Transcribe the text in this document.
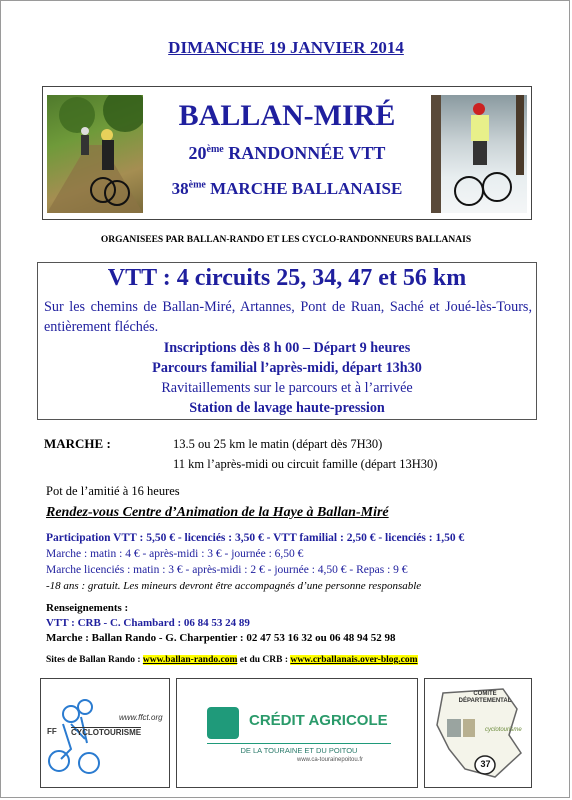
DIMANCHE 19 JANVIER 2014
BALLAN-MIRÉ
20ème RANDONNÉE VTT
38ème MARCHE BALLANAISE
ORGANISEES PAR BALLAN-RANDO ET LES CYCLO-RANDONNEURS BALLANAIS
VTT : 4 circuits 25, 34, 47 et 56 km
Sur les chemins de Ballan-Miré, Artannes, Pont de Ruan, Saché et Joué-lès-Tours, entièrement fléchés.
Inscriptions dès 8 h 00 – Départ 9 heures
Parcours familial l’après-midi, départ 13h30
Ravitaillements sur le parcours et à l’arrivée
Station de lavage haute-pression
MARCHE :	13.5 ou 25 km le matin (départ dès 7H30)
11 km l’après-midi ou circuit famille (départ 13H30)
Pot de l’amitié à 16 heures
Rendez-vous Centre d’Animation de la Haye à Ballan-Miré
Participation VTT : 5,50 € - licenciés : 3,50 € - VTT familial : 2,50 € - licenciés : 1,50 €
Marche : matin : 4 € - après-midi : 3 € - journée : 6,50 €
Marche licenciés : matin : 3 € - après-midi : 2 € - journée : 4,50 € - Repas : 9 €
-18 ans : gratuit. Les mineurs devront être accompagnés d’une personne responsable
Renseignements :
VTT : CRB - C. Chambard : 06 84 53 24 89
Marche : Ballan Rando - G. Charpentier : 02 47 53 16 32 ou 06 48 94 52 98
Sites de Ballan Rando : www.ballan-rando.com et du CRB : www.crballanais.over-blog.com
www.ffct.org
FF CYCLOTOURISME
CRÉDIT AGRICOLE
DE LA TOURAINE ET DU POITOU
www.ca-tourainepoitou.fr
COMITE DÉPARTEMENTAL
cyclotourisme
37
